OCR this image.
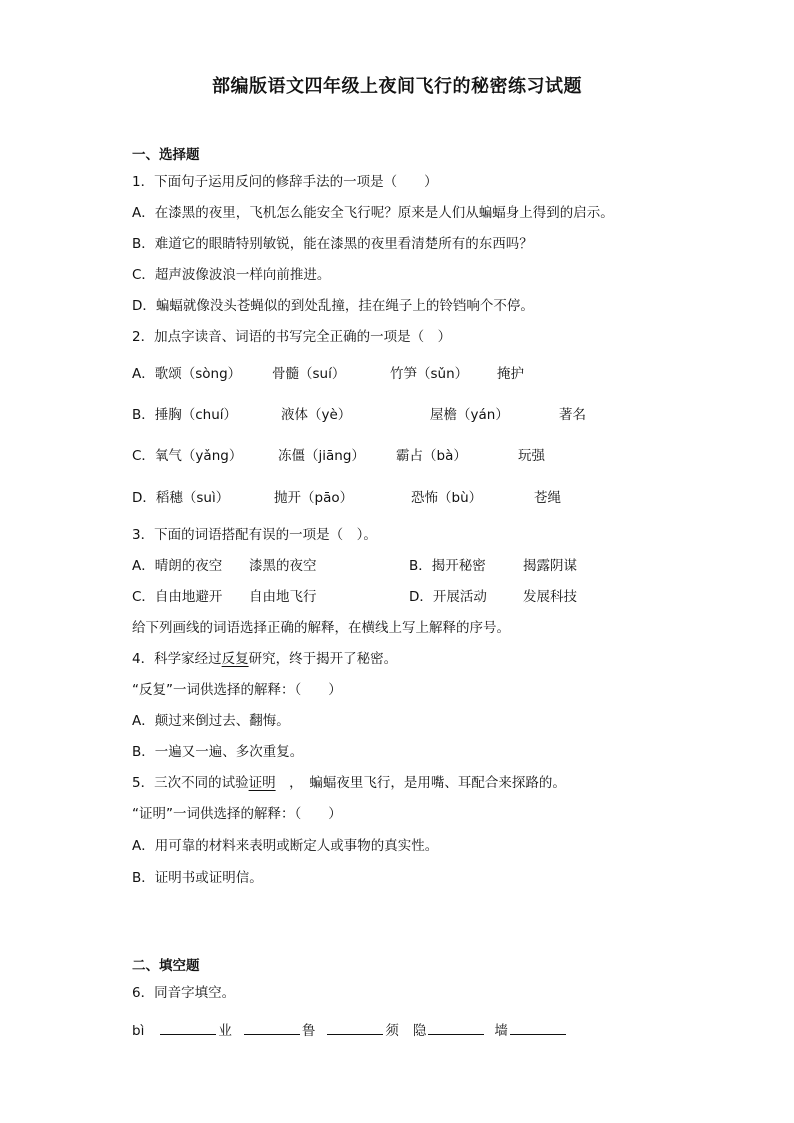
部编版语文四年级上夜间飞行的秘密练习试题
一、选择题
1．下面句子运用反问的修辞手法的一项是（　　）
A．在漆黑的夜里，飞机怎么能安全飞行呢？原来是人们从蝙蝠身上得到的启示。
B．难道它的眼睛特别敏锐，能在漆黑的夜里看清楚所有的东西吗？
C．超声波像波浪一样向前推进。
D．蝙蝠就像没头苍蝇似的到处乱撞，挂在绳子上的铃铛响个不停。
2．加点字读音、词语的书写完全正确的一项是（　）
A．歌颂（sòng） 骨髓（suí）	竹笋（sǔn） 掩护
B．捶胸（chuí）	液体（yè）	屋檐（yán）	著名
C．氧气（yǎng）	冻僵（jiāng） 霸占（bà）	玩强
D．稻穗（suì）	抛开（pāo）	恐怖（bù）	苍绳
3．下面的词语搭配有误的一项是（　）。
A．晴朗的夜空 漆黑的夜空	B．揭开秘密	揭露阴谋
C．自由地避开 自由地飞行	D．开展活动	发展科技
给下列画线的词语选择正确的解释，在横线上写上解释的序号。
4．科学家经过反复研究，终于揭开了秘密。
“反复”一词供选择的解释：（　　）
A．颠过来倒过去、翻悔。
B．一遍又一遍、多次重复。
5．三次不同的试验证明　，　蝙蝠夜里飞行，是用嘴、耳配合来探路的。
“证明”一词供选择的解释：（　　）
A．用可靠的材料来表明或断定人或事物的真实性。
B．证明书或证明信。
二、填空题
6．同音字填空。
bì	业	鲁	须 隐	墙
